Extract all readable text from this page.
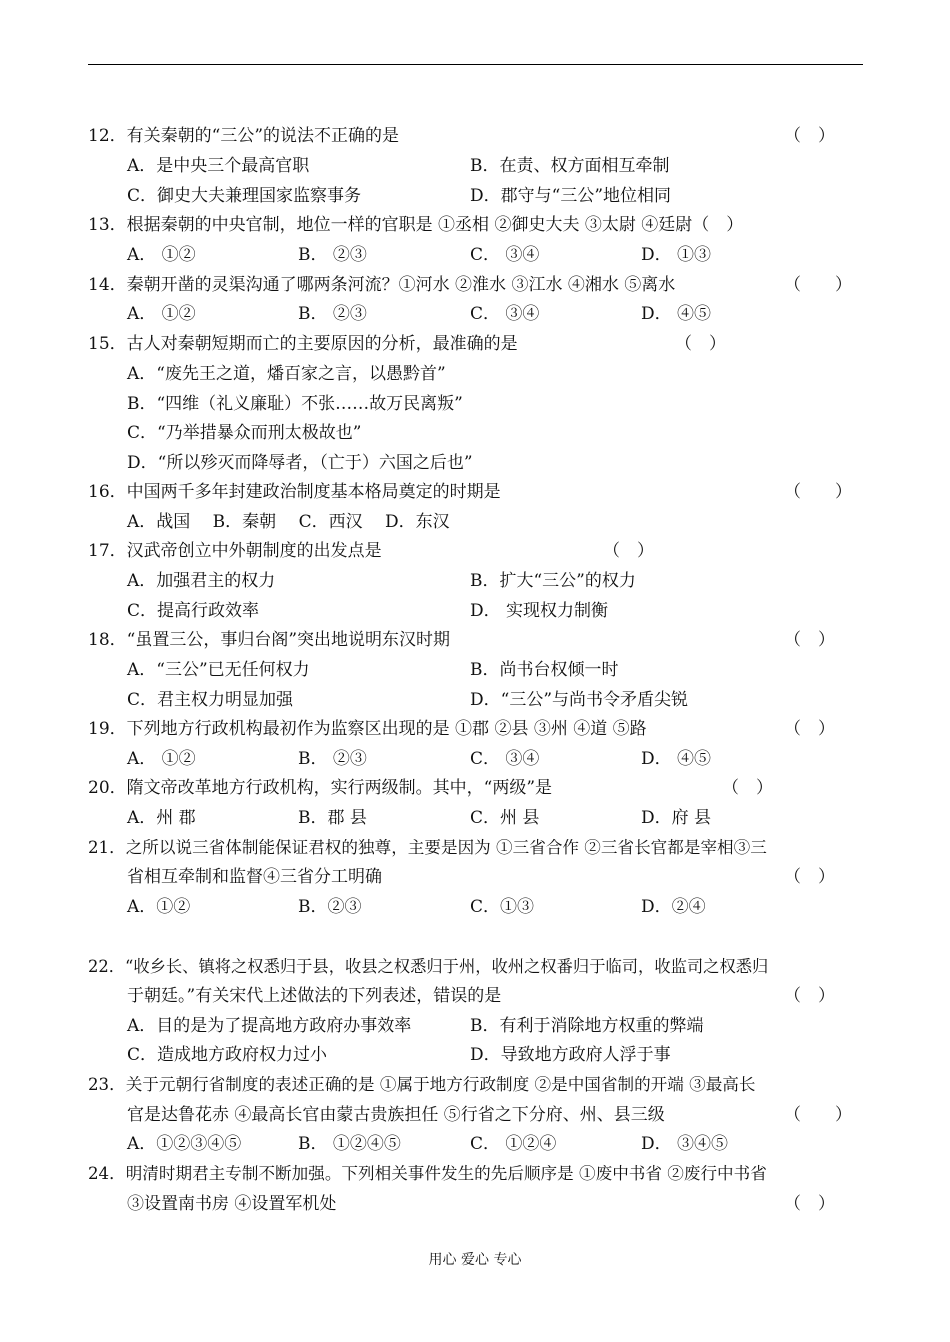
12．有关秦朝的“三公”的说法不正确的是	（　）
A．是中央三个最高官职	B．在责、权方面相互牵制
C．御史大夫兼理国家监察事务	D．郡守与“三公”地位相同
13．根据秦朝的中央官制，地位一样的官职是 ①丞相 ②御史大夫 ③太尉 ④廷尉（　）
A． ①②	B． ②③	C． ③④	D． ①③
14．秦朝开凿的灵渠沟通了哪两条河流？①河水 ②淮水 ③江水 ④湘水 ⑤离水	（　　）
A． ①②	B． ②③	C． ③④	D． ④⑤
15．古人对秦朝短期而亡的主要原因的分析，最准确的是	（　）
A．“废先王之道，燔百家之言，以愚黔首”
B．“四维（礼义廉耻）不张……故万民离叛”
C．“乃举措暴众而刑太极故也”
D．“所以殄灭而降辱者，（亡于）六国之后也”
16．中国两千多年封建政治制度基本格局奠定的时期是	（　　）
A．战国　 B．秦朝　 C．西汉　 D．东汉
17．汉武帝创立中外朝制度的出发点是	（　）
A．加强君主的权力	B．扩大“三公”的权力
C．提高行政效率	D． 实现权力制衡
18．“虽置三公，事归台阁”突出地说明东汉时期	（　）
A．“三公”已无任何权力	B．尚书台权倾一时
C．君主权力明显加强	D．“三公”与尚书令矛盾尖锐
19．下列地方行政机构最初作为监察区出现的是 ①郡 ②县 ③州 ④道 ⑤路	（　）
A． ①②	B． ②③	C． ③④	D． ④⑤
20．隋文帝改革地方行政机构，实行两级制。其中，“两级”是	（　）
A．州 郡	B．郡 县	C．州 县	D．府 县
21．之所以说三省体制能保证君权的独尊，主要是因为 ①三省合作 ②三省长官都是宰相③三
省相互牵制和监督④三省分工明确	（　）
A．①②	B．②③	C．①③	D．②④
22．“收乡长、镇将之权悉归于县，收县之权悉归于州，收州之权番归于临司，收监司之权悉归
于朝廷。”有关宋代上述做法的下列表述，错误的是	（　）
A．目的是为了提高地方政府办事效率	B．有利于消除地方权重的弊端
C．造成地方政府权力过小	D．导致地方政府人浮于事
23．关于元朝行省制度的表述正确的是 ①属于地方行政制度 ②是中国省制的开端 ③最高长
官是达鲁花赤 ④最高长官由蒙古贵族担任 ⑤行省之下分府、州、县三级	（　　）
A．①②③④⑤	B． ①②④⑤	C． ①②④	D． ③④⑤
24．明清时期君主专制不断加强。下列相关事件发生的先后顺序是 ①废中书省 ②废行中书省
③设置南书房 ④设置军机处	（　）
用心 爱心 专心
